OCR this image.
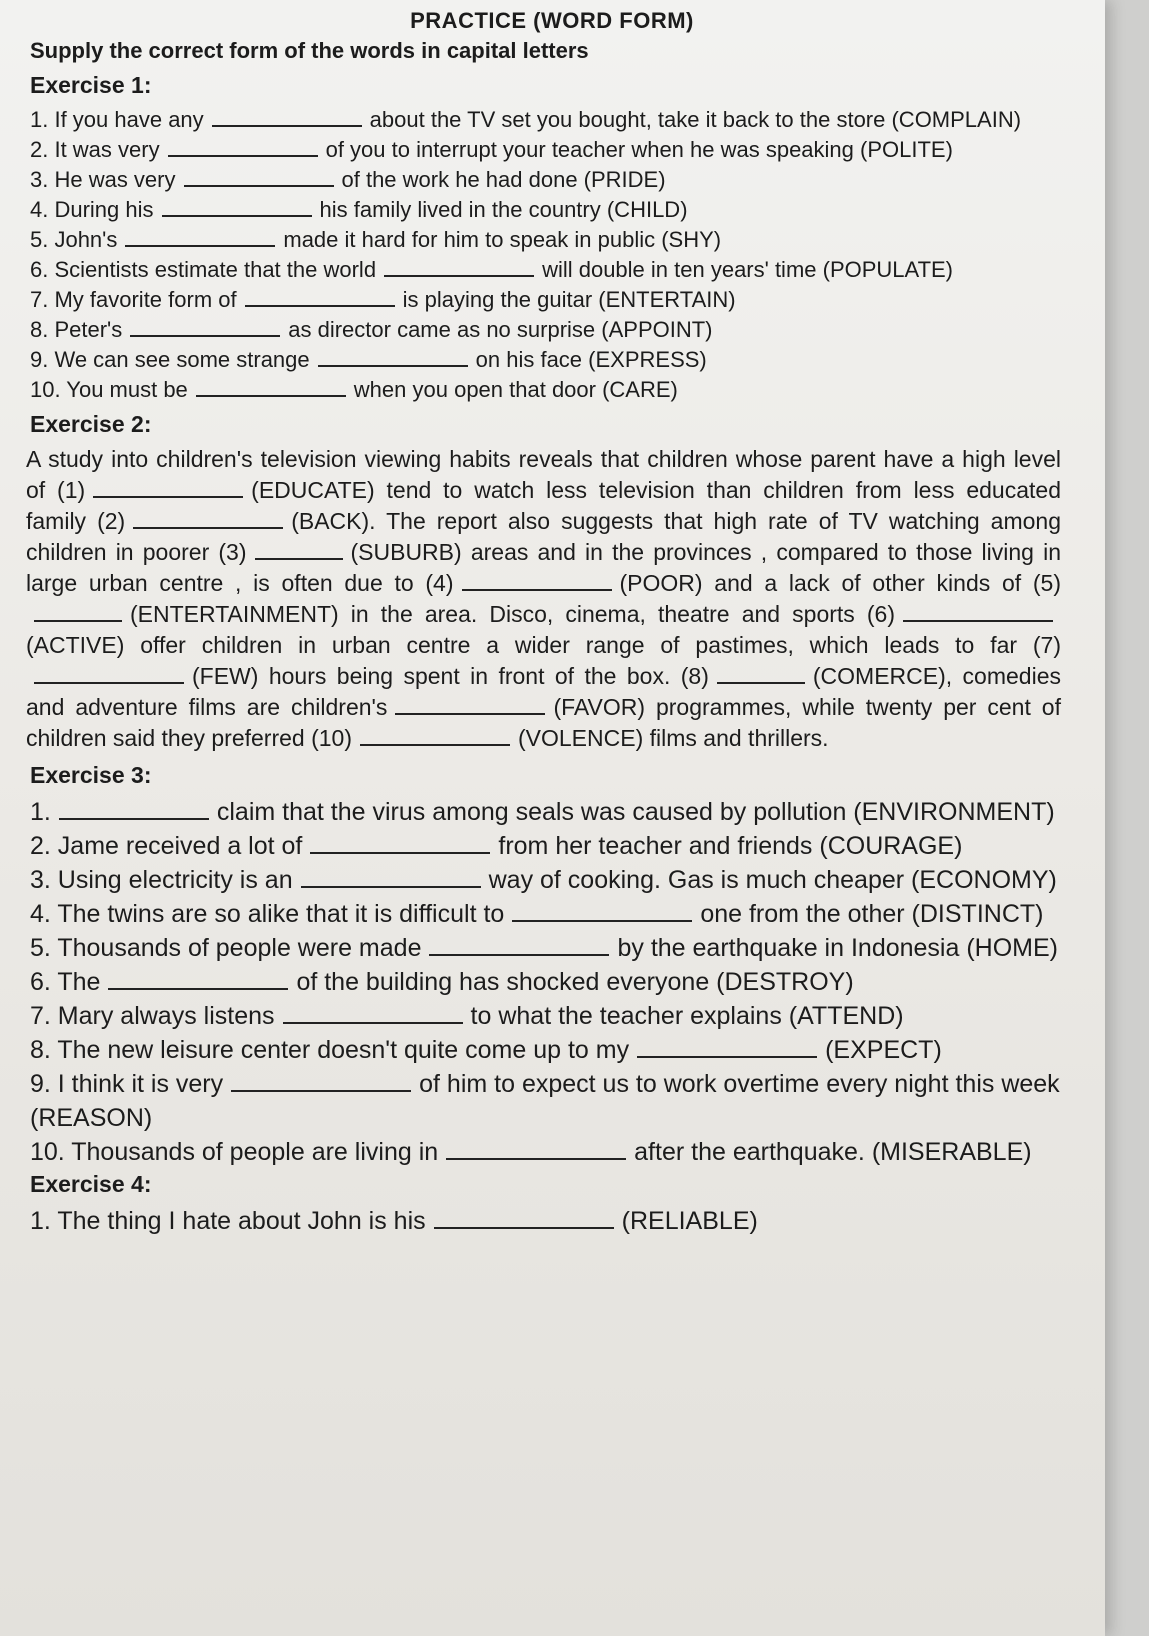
PRACTICE (WORD FORM)
Supply the correct form of the words in capital letters
Exercise 1:
1. If you have any	about the TV set you bought, take it back to the store (COMPLAIN)
2. It was very	of you to interrupt your teacher when he was speaking (POLITE)
3. He was very	of the work he had done (PRIDE)
4. During his	his family lived in the country (CHILD)
5. John's	made it hard for him to speak in public (SHY)
6. Scientists estimate that the world	will double in ten years' time (POPULATE)
7. My favorite form of	is playing the guitar (ENTERTAIN)
8. Peter's	as director came as no surprise (APPOINT)
9. We can see some strange	on his face (EXPRESS)
10. You must be	when you open that door (CARE)
Exercise 2:
A study into children's television viewing habits reveals that children whose parent have a high level of (1)	(EDUCATE) tend to watch less television than children from less educated family (2)	(BACK). The report also suggests that high rate of TV watching among children in poorer (3)	(SUBURB) areas and in the provinces , compared to those living in large urban centre , is often due to (4)	(POOR) and a lack of other kinds of (5)(ENTERTAINMENT) in the area. Disco, cinema, theatre and sports (6)(ACTIVE) offer children in urban centre a wider range of pastimes, which leads to far (7)(FEW) hours being spent in front of the box. (8)	(COMERCE), comedies and adventure films are children's	(FAVOR) programmes, while twenty per cent of children said they preferred (10)	(VOLENCE) films and thrillers.
Exercise 3:
1.	claim that the virus among seals was caused by pollution (ENVIRONMENT)
2. Jame received a lot of	from her teacher and friends (COURAGE)
3. Using electricity is an	way of cooking. Gas is much cheaper (ECONOMY)
4. The twins are so alike that it is difficult to	one from the other (DISTINCT)
5. Thousands of people were made	by the earthquake in Indonesia (HOME)
6. The	of the building has shocked everyone (DESTROY)
7. Mary always listens	to what the teacher explains (ATTEND)
8. The new leisure center doesn't quite come up to my	(EXPECT)
9. I think it is very	of him to expect us to work overtime every night this week (REASON)
10. Thousands of people are living in	after the earthquake. (MISERABLE)
Exercise 4:
1. The thing I hate about John is his	(RELIABLE)
